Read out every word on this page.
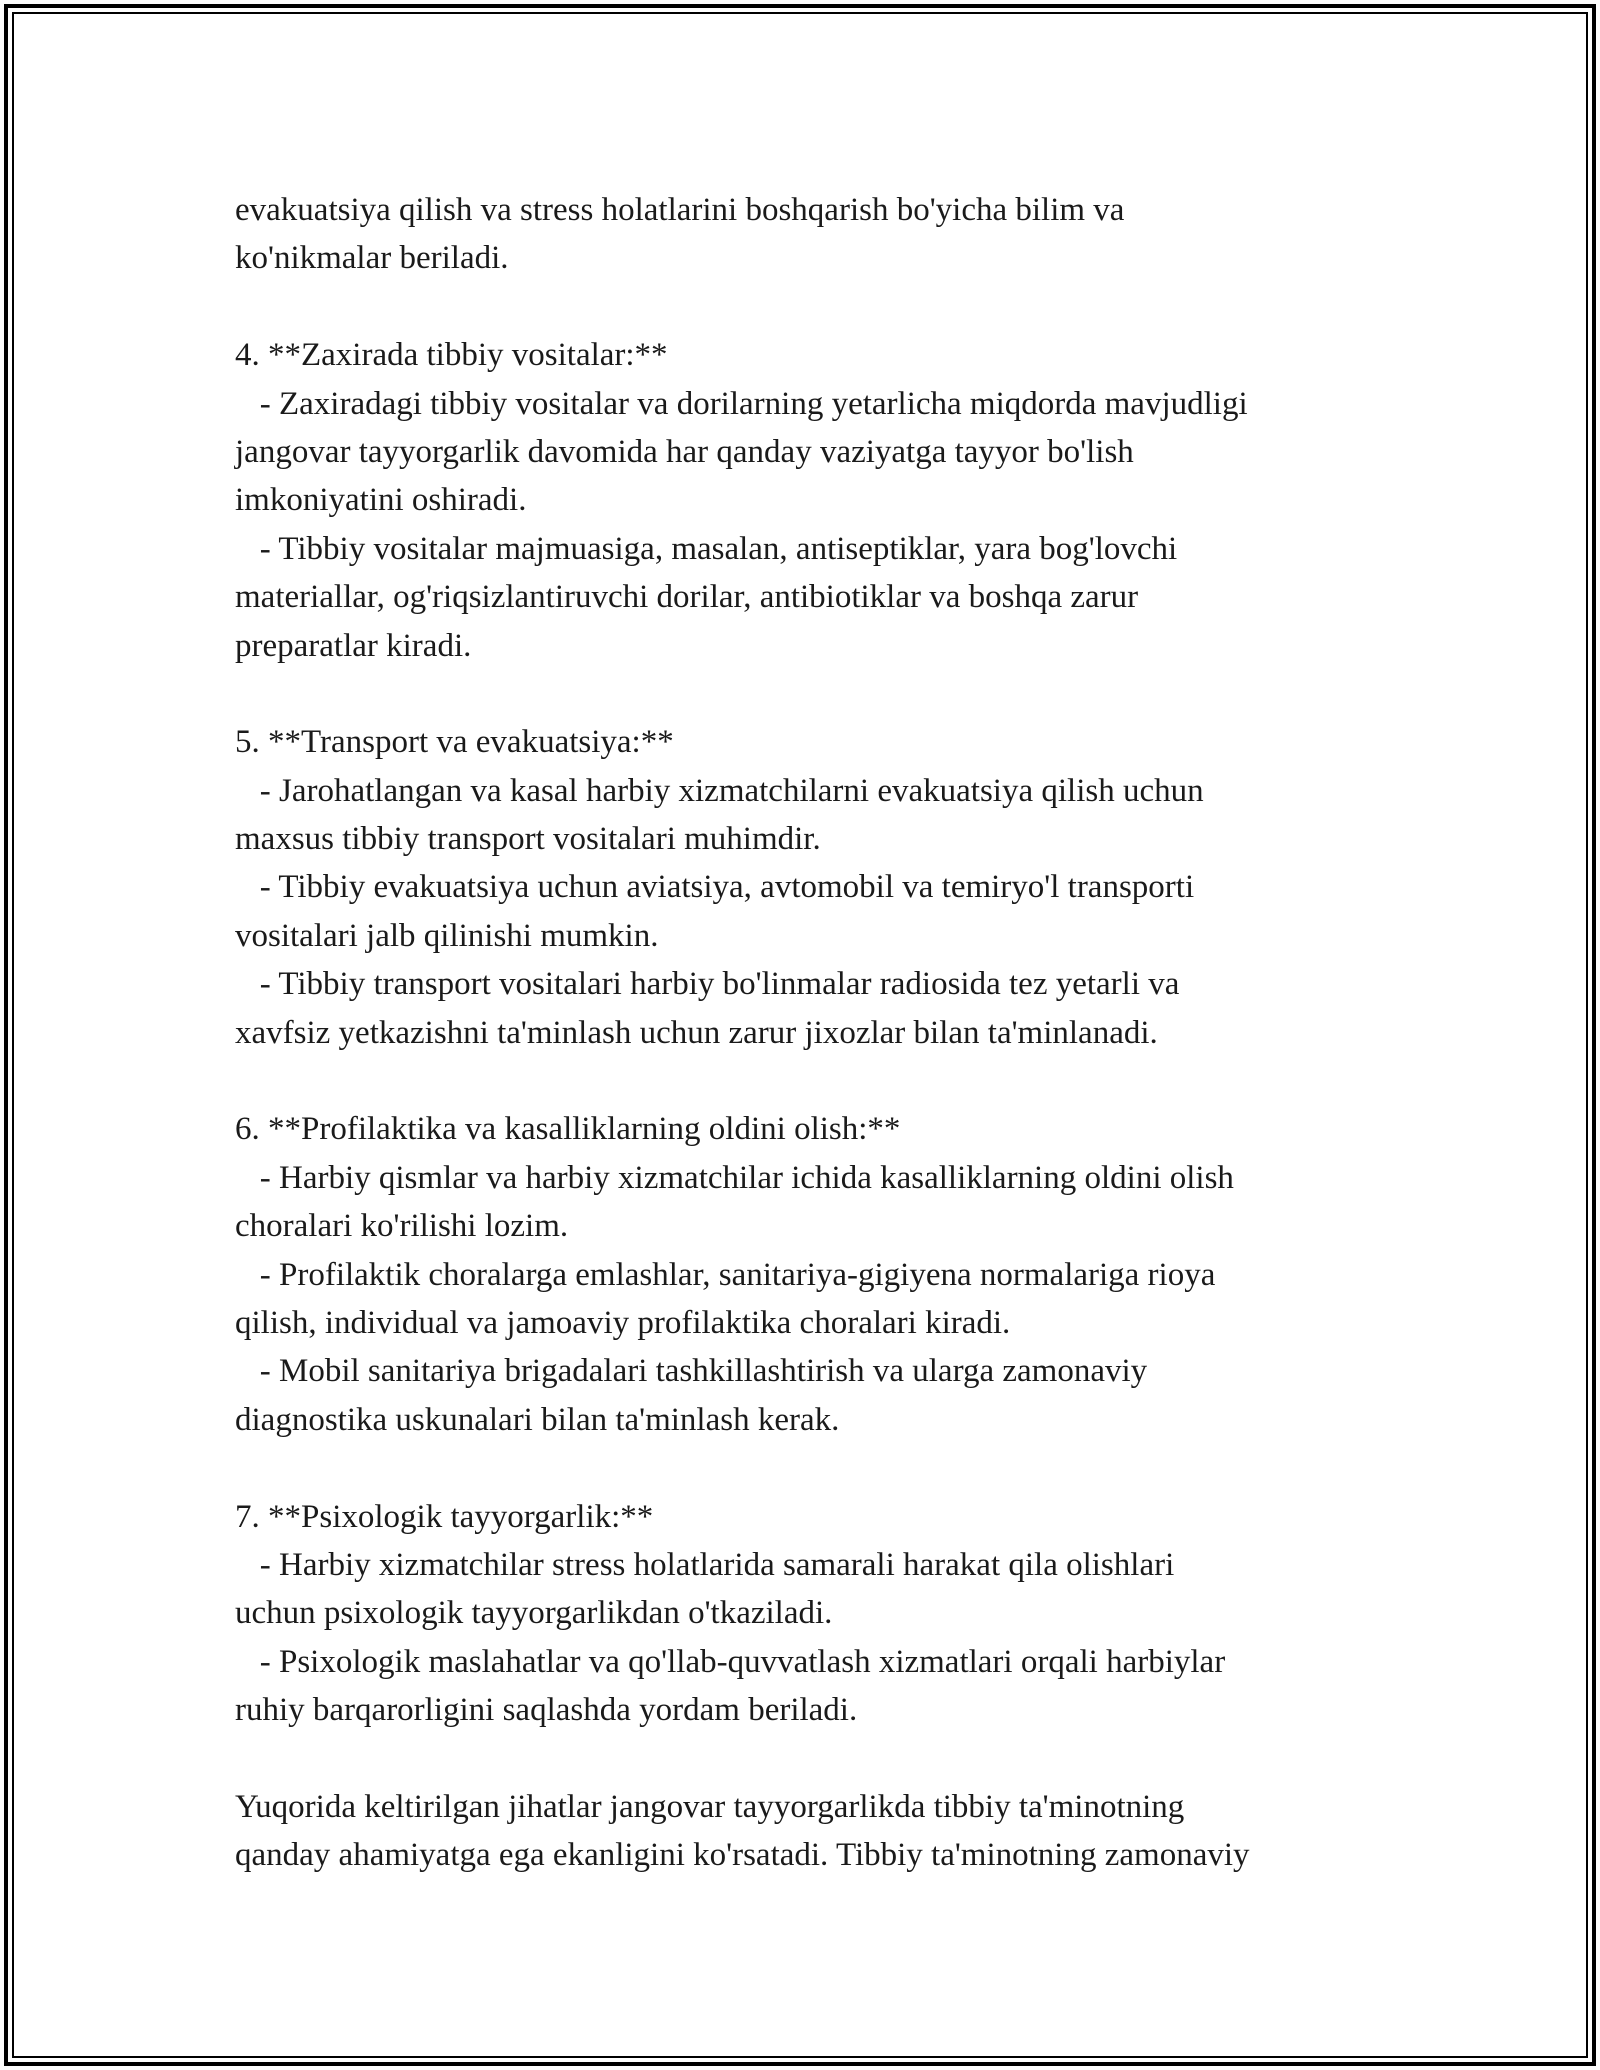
evakuatsiya qilish va stress holatlarini boshqarish bo'yicha bilim va
ko'nikmalar beriladi.
4. **Zaxirada tibbiy vositalar:**
- Zaxiradagi tibbiy vositalar va dorilarning yetarlicha miqdorda mavjudligi
jangovar tayyorgarlik davomida har qanday vaziyatga tayyor bo'lish
imkoniyatini oshiradi.
- Tibbiy vositalar majmuasiga, masalan, antiseptiklar, yara bog'lovchi
materiallar, og'riqsizlantiruvchi dorilar, antibiotiklar va boshqa zarur
preparatlar kiradi.
5. **Transport va evakuatsiya:**
- Jarohatlangan va kasal harbiy xizmatchilarni evakuatsiya qilish uchun
maxsus tibbiy transport vositalari muhimdir.
- Tibbiy evakuatsiya uchun aviatsiya, avtomobil va temiryo'l transporti
vositalari jalb qilinishi mumkin.
- Tibbiy transport vositalari harbiy bo'linmalar radiosida tez yetarli va
xavfsiz yetkazishni ta'minlash uchun zarur jixozlar bilan ta'minlanadi.
6. **Profilaktika va kasalliklarning oldini olish:**
- Harbiy qismlar va harbiy xizmatchilar ichida kasalliklarning oldini olish
choralari ko'rilishi lozim.
- Profilaktik choralarga emlashlar, sanitariya-gigiyena normalariga rioya
qilish, individual va jamoaviy profilaktika choralari kiradi.
- Mobil sanitariya brigadalari tashkillashtirish va ularga zamonaviy
diagnostika uskunalari bilan ta'minlash kerak.
7. **Psixologik tayyorgarlik:**
- Harbiy xizmatchilar stress holatlarida samarali harakat qila olishlari
uchun psixologik tayyorgarlikdan o'tkaziladi.
- Psixologik maslahatlar va qo'llab-quvvatlash xizmatlari orqali harbiylar
ruhiy barqarorligini saqlashda yordam beriladi.
Yuqorida keltirilgan jihatlar jangovar tayyorgarlikda tibbiy ta'minotning
qanday ahamiyatga ega ekanligini ko'rsatadi. Tibbiy ta'minotning zamonaviy
